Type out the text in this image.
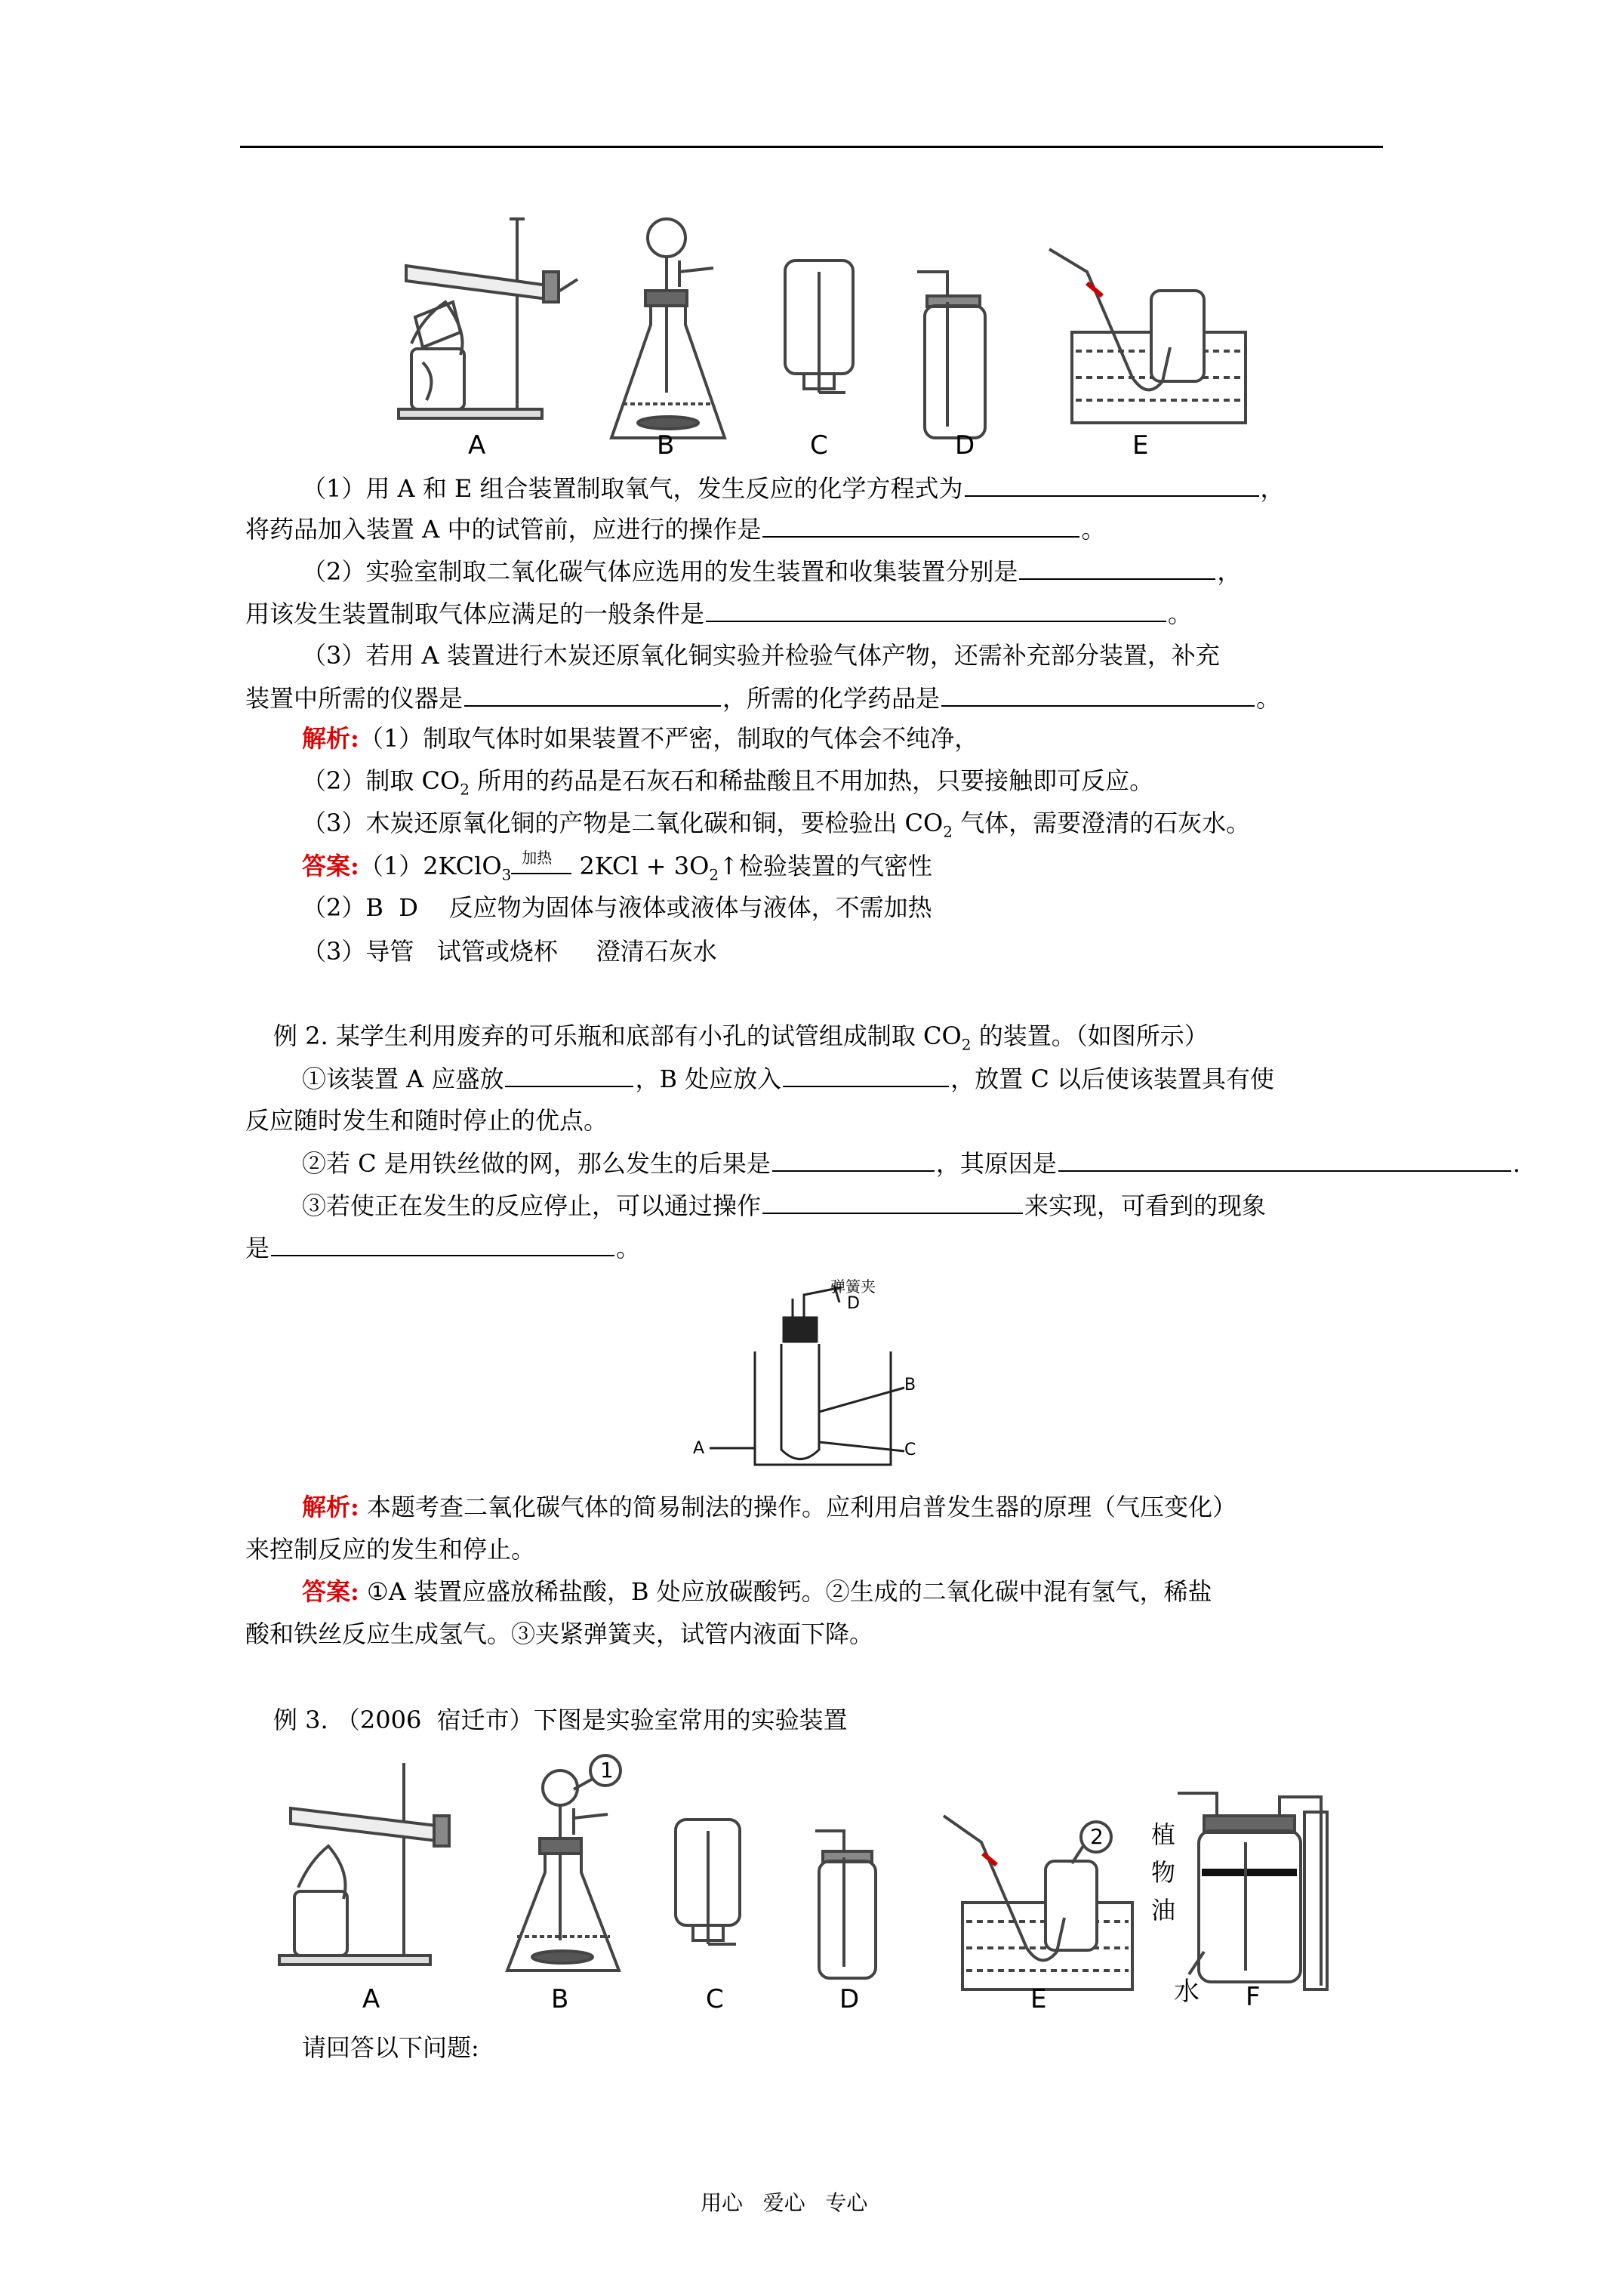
A	B	C	D	E
（1）用 A 和 E 组合装置制取氧气，发生反应的化学方程式为	，
将药品加入装置 A 中的试管前，应进行的操作是	。
（2）实验室制取二氧化碳气体应选用的发生装置和收集装置分别是	，
用该发生装置制取气体应满足的一般条件是	。
（3）若用 A 装置进行木炭还原氧化铜实验并检验气体产物，还需补充部分装置，补充
装置中所需的仪器是	，所需的化学药品是	。
解析:（1）制取气体时如果装置不严密，制取的气体会不纯净，
（2）制取 $CO_2$ 所用的药品是石灰石和稀盐酸且不用加热，只要接触即可反应。
（3）木炭还原氧化铜的产物是二氧化碳和铜，要检验出 $CO_2$ 气体，需要澄清的石灰水。
答案:（1）2KClO$_3$
加热 $2KCl + 3O_2↑$检验装置的气密性
（2）B  D    反应物为固体与液体或液体与液体，不需加热
（3）导管   试管或烧杯     澄清石灰水
例 2. 某学生利用废弃的可乐瓶和底部有小孔的试管组成制取 $CO_2$ 的装置。（如图所示）
①该装置 A 应盛放	，B 处应放入	，放置 C 以后使该装置具有使
反应随时发生和随时停止的优点。
②若 C 是用铁丝做的网，那么发生的后果是	，其原因是	.
③若使正在发生的反应停止，可以通过操作	来实现，可看到的现象
是	。
弹簧夹
D
B
C
A
解析: 本题考查二氧化碳气体的简易制法的操作。应利用启普发生器的原理（气压变化）
来控制反应的发生和停止。
答案: ①A 装置应盛放稀盐酸，B 处应放碳酸钙。②生成的二氧化碳中混有氢气，稀盐
酸和铁丝反应生成氢气。③夹紧弹簧夹，试管内液面下降。
例 3. （2006  宿迁市）下图是实验室常用的实验装置
1
2 植
物
油
水
A	B	C	D	E	F
请回答以下问题:
用心   爱心   专心
